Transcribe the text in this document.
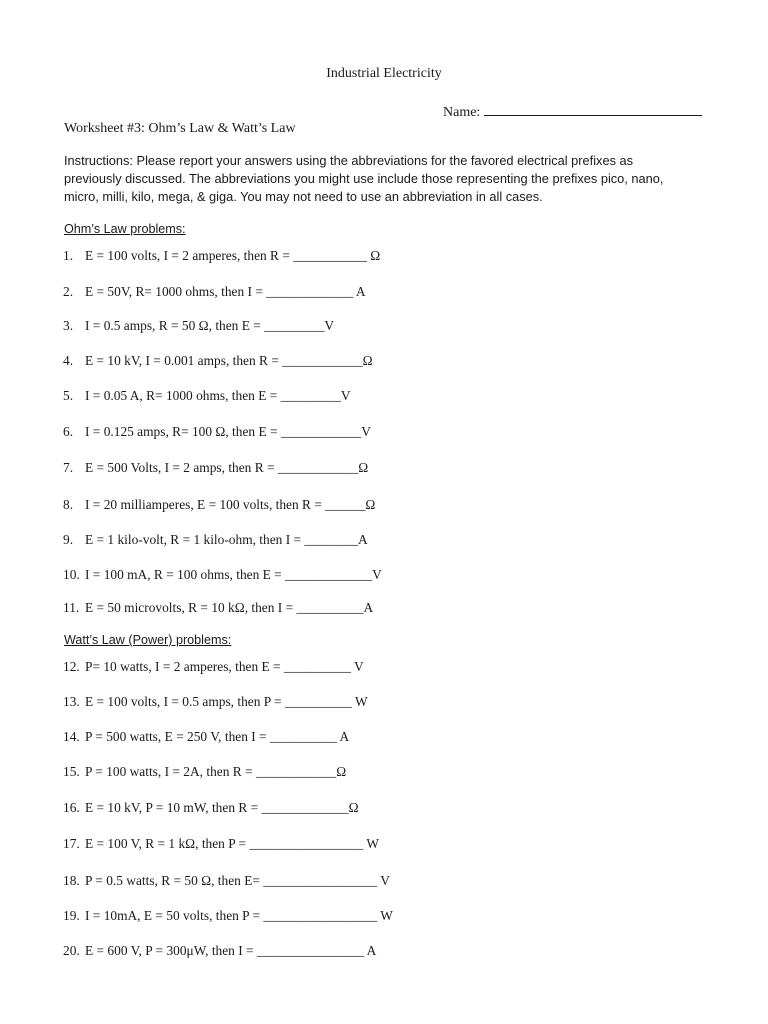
Industrial Electricity
Name:
Worksheet #3: Ohm’s Law & Watt’s Law
Instructions: Please report your answers using the abbreviations for the favored electrical prefixes as
previously discussed. The abbreviations you might use include those representing the prefixes pico, nano,
micro, milli, kilo, mega, & giga. You may not need to use an abbreviation in all cases.
Ohm’s Law problems:
1. E = 100 volts, I = 2 amperes, then R = ___________ Ω
2. E = 50V, R= 1000 ohms, then I = _____________ A
3. I = 0.5 amps, R = 50 Ω, then E = _________V
4. E = 10 kV, I = 0.001 amps, then R = ____________Ω
5. I = 0.05 A, R= 1000 ohms, then E = _________V
6. I = 0.125 amps, R= 100 Ω, then E = ____________V
7. E = 500 Volts, I = 2 amps, then R = ____________Ω
8. I = 20 milliamperes, E = 100 volts, then R = ______Ω
9. E = 1 kilo-volt, R = 1 kilo-ohm, then I = ________A
10. I = 100 mA, R = 100 ohms, then E = _____________V
11. E = 50 microvolts, R = 10 kΩ, then I = __________A
Watt’s Law (Power) problems:
12. P= 10 watts, I = 2 amperes, then E = __________ V
13. E = 100 volts, I = 0.5 amps, then P = __________ W
14. P = 500 watts, E = 250 V, then I = __________ A
15. P = 100 watts, I = 2A, then R = ____________Ω
16. E = 10 kV, P = 10 mW, then R = _____________Ω
17. E = 100 V, R = 1 kΩ, then P = _________________ W
18. P = 0.5 watts, R = 50 Ω, then E= _________________ V
19. I = 10mA, E = 50 volts, then P = _________________ W
20. E = 600 V, P = 300μW, then I = ________________ A
